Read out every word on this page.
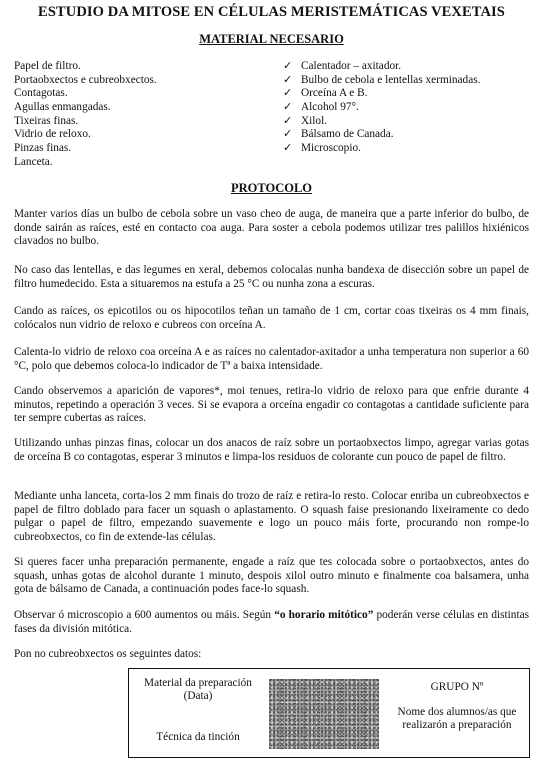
ESTUDIO DA MITOSE EN CÉLULAS MERISTEMÁTICAS VEXETAIS
MATERIAL NECESARIO
Papel de filtro.
Portaobxectos e cubreobxectos.
Contagotas.
Agullas enmangadas.
Tixeiras finas.
Vidrio de reloxo.
Pinzas finas.
Lanceta.
✓ Calentador – axitador.
✓ Bulbo de cebola e lentellas xerminadas.
✓ Orceína A e B.
✓ Alcohol 97°.
✓ Xilol.
✓ Bálsamo de Canada.
✓ Microscopio.
PROTOCOLO
Manter varios días un bulbo de cebola sobre un vaso cheo de auga, de maneira que a parte inferior do bulbo, de donde sairán as raíces, esté en contacto coa auga. Para soster a cebola podemos utilizar tres palillos hixiénicos clavados no bulbo.
No caso das lentellas, e das legumes en xeral, debemos colocalas nunha bandexa de disección sobre un papel de filtro humedecido. Esta a situaremos na estufa a 25 °C ou nunha zona a escuras.
Cando as raíces, os epicotilos ou os hipocotilos teñan un tamaño de 1 cm, cortar coas tixeiras os 4 mm finais, colócalos nun vidrio de reloxo e cubreos con orceína A.
Calenta-lo vidrio de reloxo coa orceína A e as raíces no calentador-axitador a unha temperatura non superior a 60 °C, polo que debemos coloca-lo indicador de Tª a baixa intensidade.
Cando observemos a aparición de vapores*, moi tenues, retira-lo vidrio de reloxo para que enfrie durante 4 minutos, repetindo a operación 3 veces. Si se evapora a orceína engadir co contagotas a cantidade suficiente para ter sempre cubertas as raíces.
Utilizando unhas pinzas finas, colocar un dos anacos de raíz sobre un portaobxectos limpo, agregar varias gotas de orceína B co contagotas, esperar 3 minutos e limpa-los residuos de colorante cun pouco de papel de filtro.
Mediante unha lanceta, corta-los 2 mm finais do trozo de raíz e retira-lo resto. Colocar enriba un cubreobxectos e papel de filtro doblado para facer un squash o aplastamento. O squash faise presionando lixeiramente co dedo pulgar o papel de filtro, empezando suavemente e logo un pouco máis forte, procurando non rompe-lo cubreobxectos, co fin de extende-las células.
Si queres facer unha preparación permanente, engade a raíz que tes colocada sobre o portaobxectos, antes do squash, unhas gotas de alcohol durante 1 minuto, despois xilol outro minuto e finalmente coa balsamera, unha gota de bálsamo de Canada, a continuación podes face-lo squash.
Observar ó microscopio a 600 aumentos ou máis. Según “o horario mitótico” poderán verse células en distintas fases da división mitótica.
Pon no cubreobxectos os seguintes datos:
Material da preparación
(Data)
Técnica da tinción
GRUPO Nº
Nome dos alumnos/as que
realizarón a preparación
